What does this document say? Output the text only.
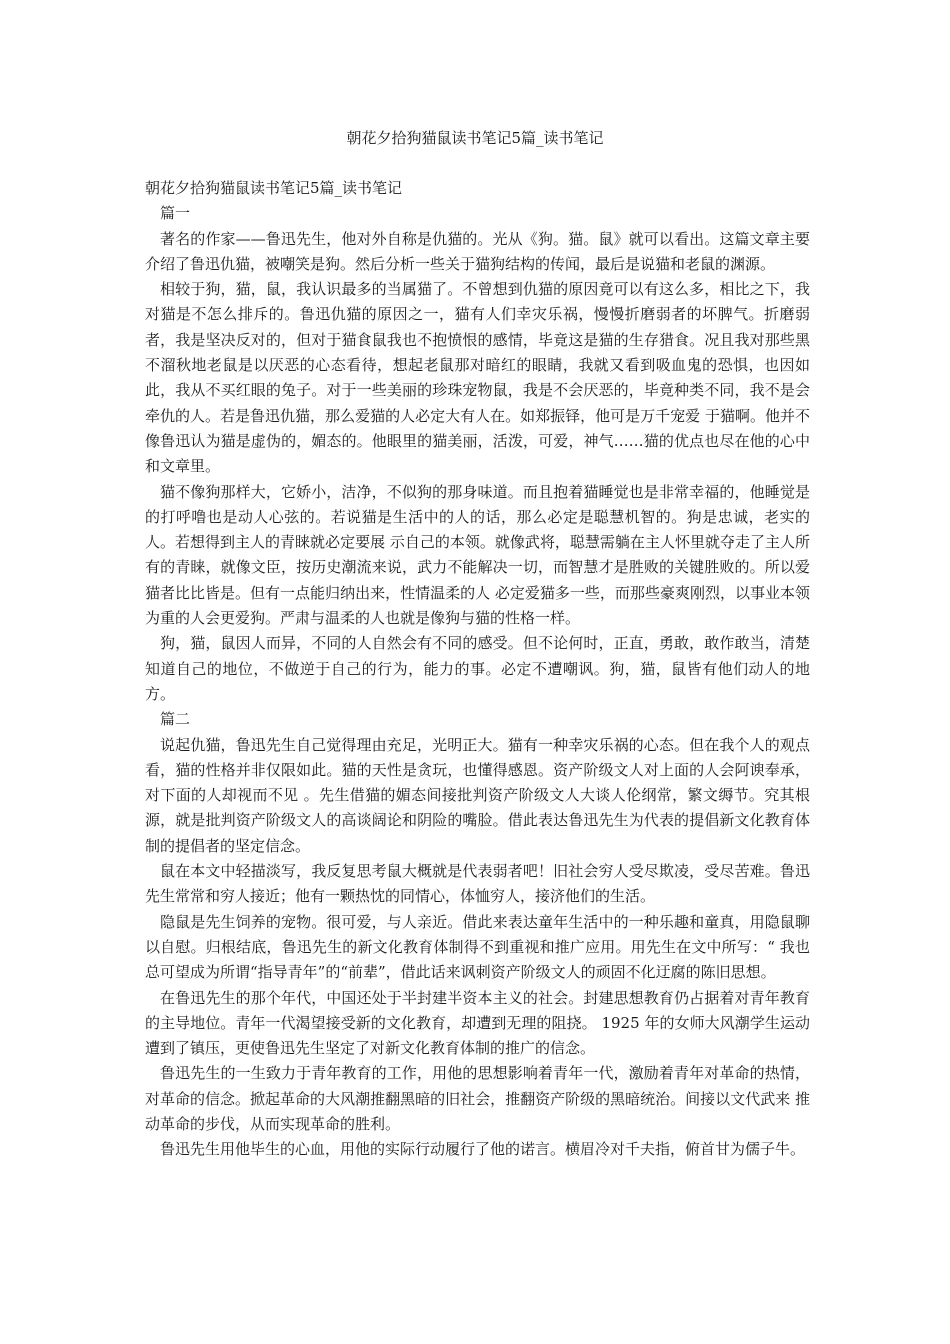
朝花夕拾狗猫鼠读书笔记5篇_读书笔记

朝花夕拾狗猫鼠读书笔记5篇_读书笔记

篇一

著名的作家——鲁迅先生，他对外自称是仇猫的。光从《狗。猫。鼠》就可以看出。这篇文章主要介绍了鲁迅仇猫，被嘲笑是狗。然后分析一些关于猫狗结构的传闻，最后是说猫和老鼠的渊源。

相较于狗，猫，鼠，我认识最多的当属猫了。不曾想到仇猫的原因竟可以有这么多，相比之下，我对猫是不怎么排斥的。鲁迅仇猫的原因之一，猫有人们幸灾乐祸，慢慢折磨弱者的坏脾气。折磨弱者，我是坚决反对的，但对于猫食鼠我也不抱愤恨的感情，毕竟这是猫的生存猎食。况且我对那些黑不溜秋地老鼠是以厌恶的心态看待，想起老鼠那对暗红的眼睛，我就又看到吸血鬼的恐惧，也因如此，我从不买红眼的兔子。对于一些美丽的珍珠宠物鼠，我是不会厌恶的，毕竟种类不同，我不是会牵仇的人。若是鲁迅仇猫，那么爱猫的人必定大有人在。如郑振铎，他可是万千宠爱 于猫啊。他并不像鲁迅认为猫是虚伪的，媚态的。他眼里的猫美丽，活泼，可爱，神气……猫的优点也尽在他的心中和文章里。

猫不像狗那样大，它娇小，洁净，不似狗的那身味道。而且抱着猫睡觉也是非常幸福的，他睡觉是的打呼噜也是动人心弦的。若说猫是生活中的人的话，那么必定是聪慧机智的。狗是忠诚，老实的人。若想得到主人的青睐就必定要展 示自己的本领。就像武将，聪慧需躺在主人怀里就夺走了主人所有的青睐，就像文臣，按历史潮流来说，武力不能解决一切，而智慧才是胜败的关键胜败的。所以爱猫者比比皆是。但有一点能归纳出来，性情温柔的人 必定爱猫多一些，而那些豪爽刚烈，以事业本领为重的人会更爱狗。严肃与温柔的人也就是像狗与猫的性格一样。

狗，猫，鼠因人而异，不同的人自然会有不同的感受。但不论何时，正直，勇敢，敢作敢当，清楚知道自己的地位，不做逆于自己的行为，能力的事。必定不遭嘲讽。狗，猫，鼠皆有他们动人的地方。

篇二

说起仇猫，鲁迅先生自己觉得理由充足，光明正大。猫有一种幸灾乐祸的心态。但在我个人的观点看，猫的性格并非仅限如此。猫的天性是贪玩，也懂得感恩。资产阶级文人对上面的人会阿谀奉承，对下面的人却视而不见 。先生借猫的媚态间接批判资产阶级文人大谈人伦纲常，繁文缛节。究其根源，就是批判资产阶级文人的高谈阔论和阴险的嘴脸。借此表达鲁迅先生为代表的提倡新文化教育体制的提倡者的坚定信念。

鼠在本文中轻描淡写，我反复思考鼠大概就是代表弱者吧！旧社会穷人受尽欺凌，受尽苦难。鲁迅先生常常和穷人接近；他有一颗热忱的同情心，体恤穷人，接济他们的生活。

隐鼠是先生饲养的宠物。很可爱，与人亲近。借此来表达童年生活中的一种乐趣和童真，用隐鼠聊以自慰。归根结底，鲁迅先生的新文化教育体制得不到重视和推广应用。用先生在文中所写：“ 我也总可望成为所谓“指导青年”的“前辈”，借此话来讽刺资产阶级文人的顽固不化迂腐的陈旧思想。

在鲁迅先生的那个年代，中国还处于半封建半资本主义的社会。封建思想教育仍占据着对青年教育的主导地位。青年一代渴望接受新的文化教育，却遭到无理的阻挠。 1925 年的女师大风潮学生运动遭到了镇压，更使鲁迅先生坚定了对新文化教育体制的推广的信念。

鲁迅先生的一生致力于青年教育的工作，用他的思想影响着青年一代，激励着青年对革命的热情，对革命的信念。掀起革命的大风潮推翻黑暗的旧社会，推翻资产阶级的黑暗统治。间接以文代武来 推动革命的步伐，从而实现革命的胜利。

鲁迅先生用他毕生的心血，用他的实际行动履行了他的诺言。横眉冷对千夫指，俯首甘为儒子牛。
